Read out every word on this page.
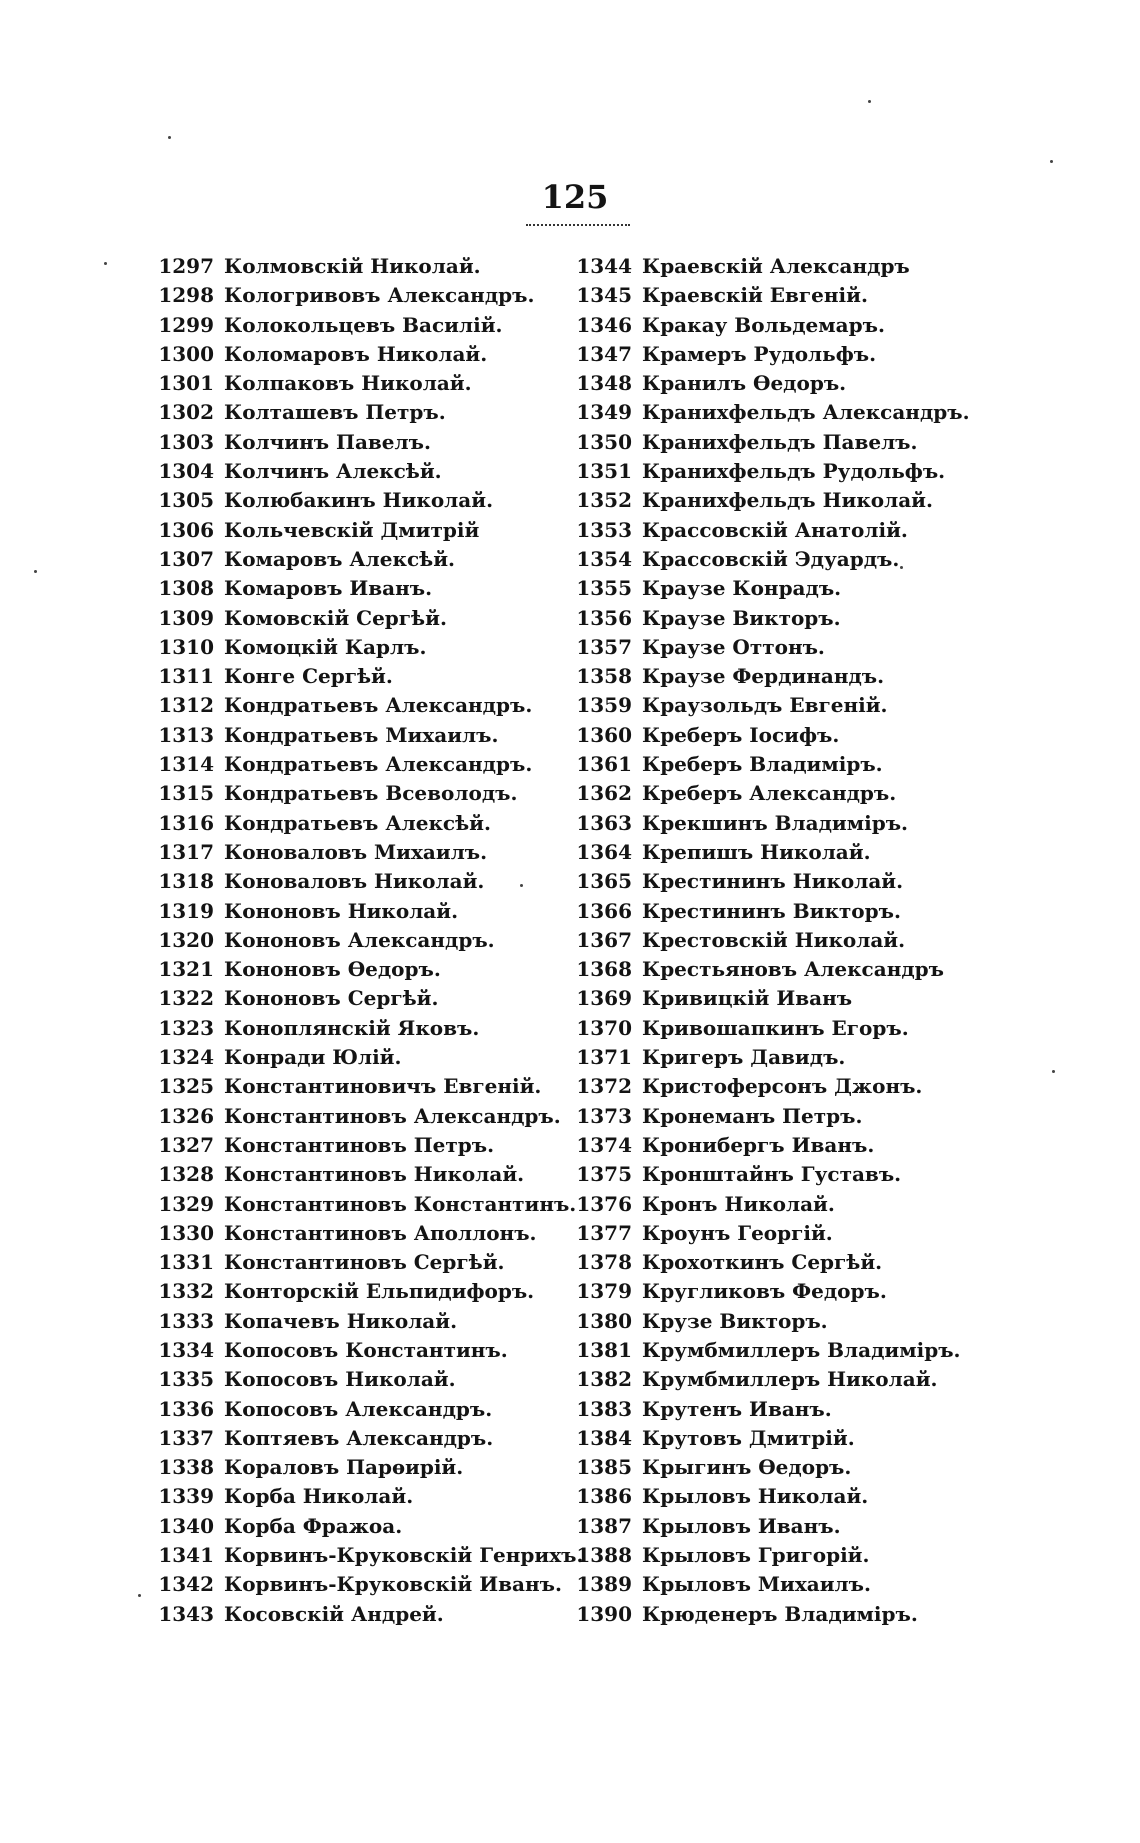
125
1297 Колмовскій Николай.
1298 Кологривовъ Александръ.
1299 Колокольцевъ Василій.
1300 Коломаровъ Николай.
1301 Колпаковъ Николай.
1302 Колташевъ Петръ.
1303 Колчинъ Павелъ.
1304 Колчинъ Алексѣй.
1305 Колюбакинъ Николай.
1306 Кольчевскій Дмитрій
1307 Комаровъ Алексѣй.
1308 Комаровъ Иванъ.
1309 Комовскій Сергѣй.
1310 Комоцкій Карлъ.
1311 Конге Сергѣй.
1312 Кондратьевъ Александръ.
1313 Кондратьевъ Михаилъ.
1314 Кондратьевъ Александръ.
1315 Кондратьевъ Всеволодъ.
1316 Кондратьевъ Алексѣй.
1317 Коноваловъ Михаилъ.
1318 Коноваловъ Николай.
1319 Кононовъ Николай.
1320 Кононовъ Александръ.
1321 Кононовъ Ѳедоръ.
1322 Кононовъ Сергѣй.
1323 Коноплянскій Яковъ.
1324 Конради Юлій.
1325 Константиновичъ Евгеній.
1326 Константиновъ Александръ.
1327 Константиновъ Петръ.
1328 Константиновъ Николай.
1329 Константиновъ Константинъ.
1330 Константиновъ Аполлонъ.
1331 Константиновъ Сергѣй.
1332 Конторскій Ельпидифоръ.
1333 Копачевъ Николай.
1334 Копосовъ Константинъ.
1335 Копосовъ Николай.
1336 Копосовъ Александръ.
1337 Коптяевъ Александръ.
1338 Кораловъ Парѳирій.
1339 Корба Николай.
1340 Корба Фражоа.
1341 Корвинъ-Круковскій Генрихъ.
1342 Корвинъ-Круковскій Иванъ.
1343 Косовскій Андрей.
1344 Краевскій Александръ
1345 Краевскій Евгеній.
1346 Кракау Вольдемаръ.
1347 Крамеръ Рудольфъ.
1348 Кранилъ Ѳедоръ.
1349 Кранихфельдъ Александръ.
1350 Кранихфельдъ Павелъ.
1351 Кранихфельдъ Рудольфъ.
1352 Кранихфельдъ Николай.
1353 Крассовскій Анатолій.
1354 Крассовскій Эдуардъ.
1355 Краузе Конрадъ.
1356 Краузе Викторъ.
1357 Краузе Оттонъ.
1358 Краузе Фердинандъ.
1359 Краузольдъ Евгеній.
1360 Креберъ Іосифъ.
1361 Креберъ Владиміръ.
1362 Креберъ Александръ.
1363 Крекшинъ Владиміръ.
1364 Крепишъ Николай.
1365 Крестининъ Николай.
1366 Крестининъ Викторъ.
1367 Крестовскій Николай.
1368 Крестьяновъ Александръ
1369 Кривицкій Иванъ
1370 Кривошапкинъ Егоръ.
1371 Кригеръ Давидъ.
1372 Кристоферсонъ Джонъ.
1373 Кронеманъ Петръ.
1374 Кронибергъ Иванъ.
1375 Кронштайнъ Густавъ.
1376 Кронъ Николай.
1377 Кроунъ Георгій.
1378 Крохоткинъ Сергѣй.
1379 Кругликовъ Федоръ.
1380 Крузе Викторъ.
1381 Крумбмиллеръ Владиміръ.
1382 Крумбмиллеръ Николай.
1383 Крутенъ Иванъ.
1384 Крутовъ Дмитрій.
1385 Крыгинъ Ѳедоръ.
1386 Крыловъ Николай.
1387 Крыловъ Иванъ.
1388 Крыловъ Григорій.
1389 Крыловъ Михаилъ.
1390 Крюденеръ Владиміръ.
